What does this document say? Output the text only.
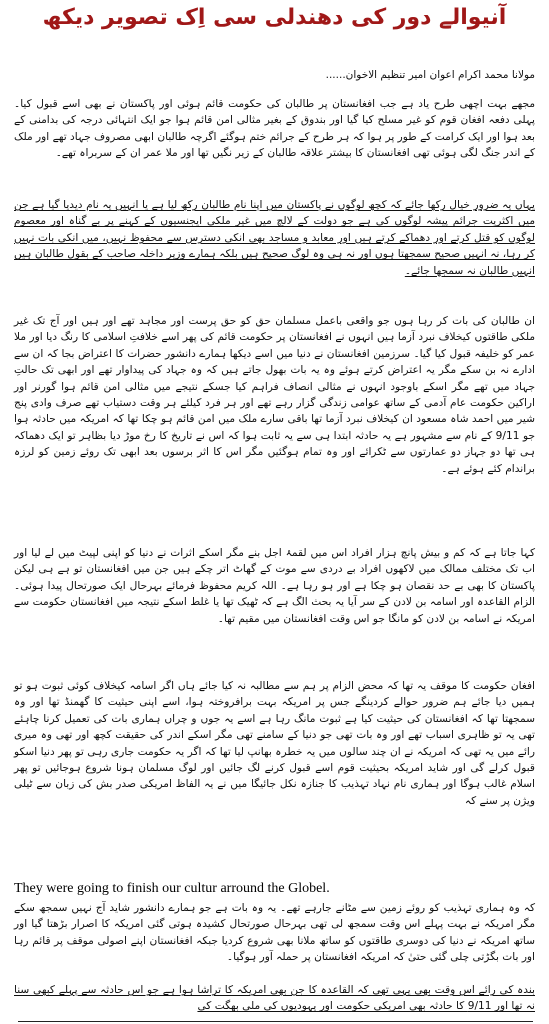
آنیوالے دور کی دھندلی سی اِک تصویر دیکھ
مولانا محمد اکرام اعوان امیر تنظیم الاخوان......

مجھے بہت اچھی طرح یاد ہے جب افغانستان پر طالبان کی حکومت قائم ہوئی اور پاکستان نے بھی اسے قبول کیا۔ پہلی دفعہ افغان قوم کو غیر مسلح کیا گیا اور بندوق کے بغیر مثالی امن قائم ہوا جو ایک انتہائی درجہ کی بدامنی کے بعد ہوا اور ایک کرامت کے طور پر ہوا کہ ہر طرح کے جرائم ختم ہوگئے اگرچہ طالبان ابھی مصروف جہاد تھے اور ملک کے اندر جنگ لگی ہوئی تھی افغانستان کا بیشتر علاقہ طالبان کے زیر نگیں تھا اور ملا عمر ان کے سربراہ تھے۔

یہاں یہ ضرور خیال رکھا جائے کہ کچھ لوگوں نے پاکستان میں اپنا نام طالبان رکھ لیا ہے یا انہیں یہ نام دیدیا گیا ہے جن میں اکثریت جرائم پیشہ لوگوں کی ہے جو دولت کے لالچ میں غیر ملکی ایجنسیوں کے کہنے پر بے گناہ اور معصوم لوگوں کو قتل کرتے اور دھماکے کرتے ہیں اور معابد و مساجد بھی انکی دسترس سے محفوظ نہیں، میں انکی بات نہیں کر رہا، نہ انہیں صحیح سمجھتا ہوں اور نہ ہی وہ لوگ صحیح ہیں بلکہ ہمارے وزیر داخلہ صاحب کے بقول طالبان ہیں انہیں طالبان نہ سمجھا جائے۔

ان طالبان کی بات کر رہا ہوں جو واقعی باعمل مسلمان حق کو حق پرست اور مجاہد تھے اور ہیں اور آج تک غیر ملکی طاقتوں کیخلاف نبرد آزما ہیں انہوں نے افغانستان پر حکومت قائم کی پھر اسے خلافتِ اسلامی کا رنگ دیا اور ملا عمر کو خلیفہ قبول کیا گیا۔ سرزمین افغانستان نے دنیا میں اسے دیکھا ہمارے دانشور حضرات کا اعتراض بجا کہ ان سے ادارے نہ بن سکے مگر یہ اعتراض کرتے ہوئے وہ یہ بات بھول جاتے ہیں کہ وہ جہاد کی پیداوار تھے اور ابھی تک حالتِ جہاد میں تھے مگر اسکے باوجود انہوں نے مثالی انصاف فراہم کیا جسکے نتیجے میں مثالی امن قائم ہوا گورنر اور اراکین حکومت عام آدمی کے ساتھ عوامی زندگی گزار رہے تھے اور ہر فرد کیلئے ہر وقت دستیاب تھے صرف وادی پنج شیر میں احمد شاہ مسعود ان کیخلاف نبرد آزما تھا باقی سارے ملک میں امن قائم ہو چکا تھا کہ امریکہ میں حادثہ ہوا جو 9/11 کے نام سے مشہور ہے یہ حادثہ ابتدا ہی سے یہ ثابت ہوا کہ اس نے تاریخ کا رخ موڑ دیا بظاہر تو ایک دھماکہ ہی تھا دو جہاز دو عمارتوں سے ٹکرائے اور وہ تمام ہوگئیں مگر اس کا اثر برسوں بعد ابھی تک روئے زمین کو لرزہ براندام کئے ہوئے ہے۔

کہا جاتا ہے کہ کم و بیش پانچ ہزار افراد اس میں لقمۂ اجل بنے مگر اسکے اثرات نے دنیا کو اپنی لپیٹ میں لے لیا اور اب تک مختلف ممالک میں لاکھوں افراد بے دردی سے موت کے گھاٹ اتر چکے ہیں جن میں افغانستان تو ہے ہی لیکن پاکستان کا بھی بے حد نقصان ہو چکا ہے اور ہو رہا ہے۔ اللہ کریم محفوظ فرمائے بہرحال ایک صورتحال پیدا ہوئی۔ الزام القاعدہ اور اسامہ بن لادن کے سر آیا یہ بحث الگ ہے کہ ٹھیک تھا یا غلط اسکے نتیجہ میں افغانستان حکومت سے امریکہ نے اسامہ بن لادن کو مانگا جو اس وقت افغانستان میں مقیم تھا۔

افغان حکومت کا موقف یہ تھا کہ محض الزام پر ہم سے مطالبہ نہ کیا جائے ہاں اگر اسامہ کیخلاف کوئی ثبوت ہو تو ہمیں دیا جائے ہم ضرور حوالے کردینگے جس پر امریکہ بہت برافروختہ ہوا، اسے اپنی حیثیت کا گھمنڈ تھا اور وہ سمجھتا تھا کہ افغانستان کی حیثیت کیا ہے ثبوت مانگ رہا ہے اسے یہ جوں و چراں ہماری بات کی تعمیل کرنا چاہئے تھی یہ تو ظاہری اسباب تھے اور وہ بات تھی جو دنیا کے سامنے تھی مگر اسکے اندر کی حقیقت کچھ اور تھی وہ میری رائے میں یہ تھی کہ امریکہ نے ان چند سالوں میں یہ خطرہ بھانپ لیا تھا کہ اگر یہ حکومت جاری رہی تو پھر دنیا اسکو قبول کرلے گی اور شاید امریکہ بحیثیت قوم اسے قبول کرنے لگ جائیں اور لوگ مسلمان ہونا شروع ہوجائیں تو پھر اسلام غالب ہوگا اور ہماری نام نہاد تہذیب کا جنازہ نکل جائیگا میں نے یہ الفاظ امریکی صدر بش کی زبان سے ٹیلی ویژن پر سنے کہ

They were going to finish our cultur arround the Globel.

کہ وہ ہماری تہذیب کو روئے زمین سے مٹانے جارہے تھے۔ یہ وہ بات ہے جو ہمارے دانشور شاید آج نہیں سمجھ سکے مگر امریکہ نے بہت پہلے اس وقت سمجھ لی تھی بہرحال صورتحال کشیدہ ہوتی گئی امریکہ کا اصرار بڑھتا گیا اور ساتھ امریکہ نے دنیا کی دوسری طاقتوں کو ساتھ ملانا بھی شروع کردیا جبکہ افغانستان اپنے اصولی موقف پر قائم رہا اور بات بگڑتی چلی گئی حتیٰ کہ امریکہ افغانستان پر حملہ آور ہوگیا۔

بندہ کی رائے اس وقت بھی یہی تھی کہ القاعدہ کا جن بھی امریکہ کا تراشا ہوا ہے جو اس حادثہ سے پہلے کبھی سنا نہ تھا اور 9/11 کا حادثہ بھی امریکی حکومت اور یہودیوں کی ملی بھگت کی
